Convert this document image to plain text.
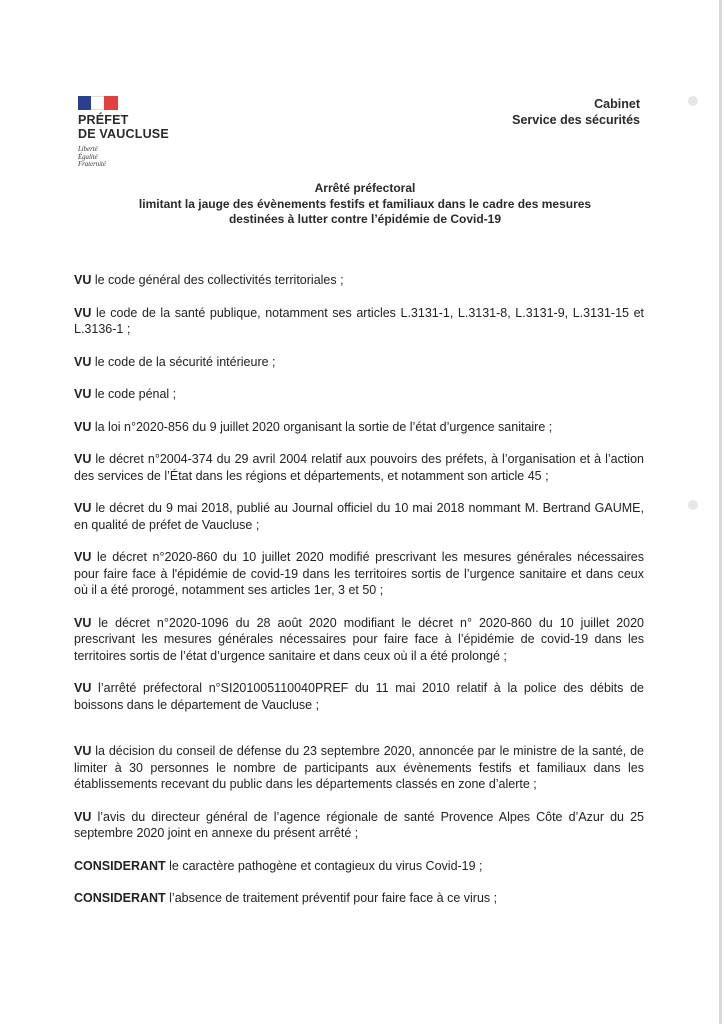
PRÉFET
DE VAUCLUSE
Liberté
Égalité
Fraternité
Cabinet
Service des sécurités
Arrêté préfectoral
limitant la jauge des évènements festifs et familiaux dans le cadre des mesures
destinées à lutter contre l’épidémie de Covid-19

VU le code général des collectivités territoriales ;

VU le code de la santé publique, notamment ses articles L.3131-1, L.3131-8, L.3131-9, L.3131-15 et L.3136-1 ;

VU le code de la sécurité intérieure ;

VU le code pénal ;

VU la loi n°2020-856 du 9 juillet 2020 organisant la sortie de l’état d’urgence sanitaire ;

VU le décret n°2004-374 du 29 avril 2004 relatif aux pouvoirs des préfets, à l’organisation et à l’action des services de l’État dans les régions et départements, et notamment son article 45 ;

VU le décret du 9 mai 2018, publié au Journal officiel du 10 mai 2018 nommant M. Bertrand GAUME, en qualité de préfet de Vaucluse ;

VU le décret n°2020-860 du 10 juillet 2020 modifié prescrivant les mesures générales nécessaires pour faire face à l'épidémie de covid-19 dans les territoires sortis de l’urgence sanitaire et dans ceux où il a été prorogé, notamment ses articles 1er, 3 et 50 ;

VU le décret n°2020-1096 du 28 août 2020 modifiant le décret n° 2020-860 du 10 juillet 2020 prescrivant les mesures générales nécessaires pour faire face à l’épidémie de covid-19 dans les territoires sortis de l’état d’urgence sanitaire et dans ceux où il a été prolongé ;

VU l’arrêté préfectoral n°SI201005110040PREF du 11 mai 2010 relatif à la police des débits de boissons dans le département de Vaucluse ;

VU la décision du conseil de défense du 23 septembre 2020, annoncée par le ministre de la santé, de limiter à 30 personnes le nombre de participants aux évènements festifs et familiaux dans les établissements recevant du public dans les départements classés en zone d’alerte ;

VU l’avis du directeur général de l’agence régionale de santé Provence Alpes Côte d’Azur du 25 septembre 2020 joint en annexe du présent arrêté ;

CONSIDERANT le caractère pathogène et contagieux du virus Covid-19 ;

CONSIDERANT l’absence de traitement préventif pour faire face à ce virus ;
